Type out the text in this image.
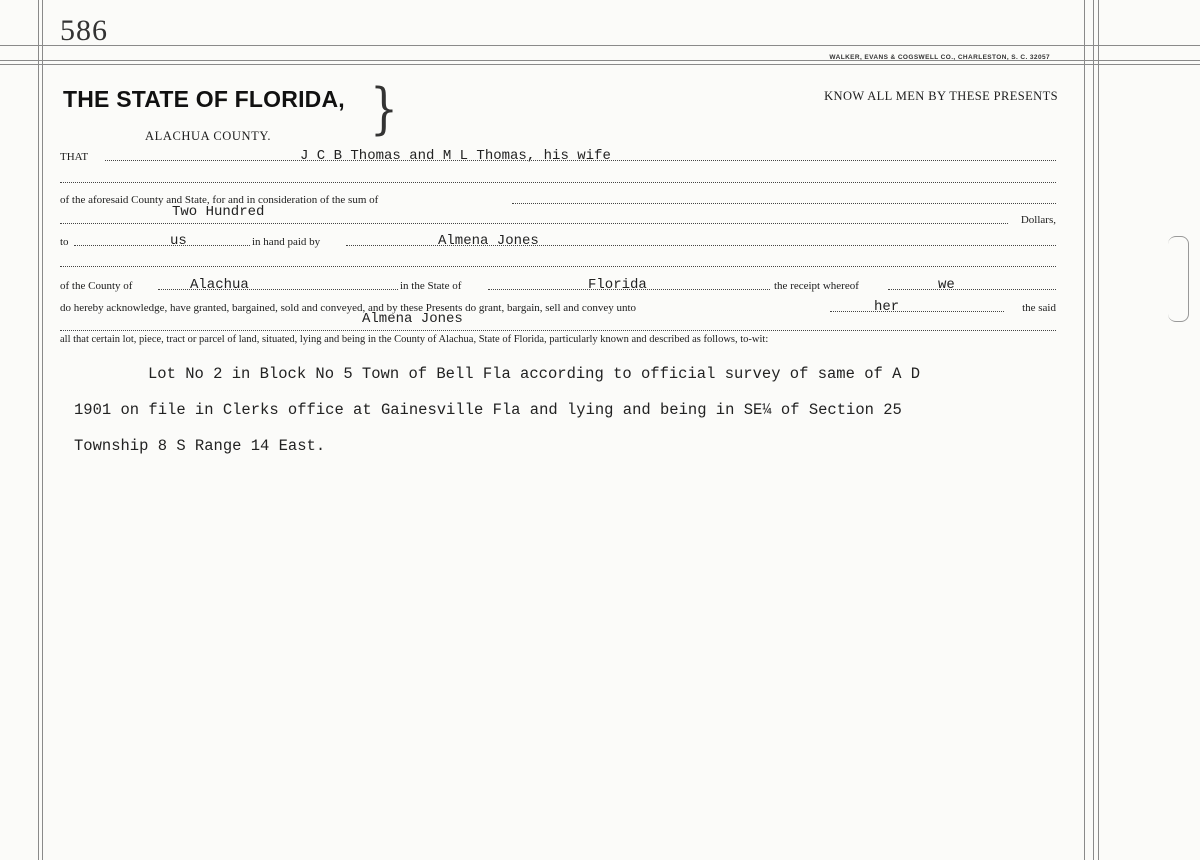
586
WALKER, EVANS & COGSWELL CO., CHARLESTON, S. C. 32057
THE STATE OF FLORIDA, }	KNOW ALL MEN BY THESE PRESENTS
ALACHUA COUNTY.
THAT	J C B Thomas and M L Thomas, his wife
of the aforesaid County and State, for and in consideration of the sum of
Two Hundred	Dollars,
to	us	in hand paid by	Almena Jones
of the County of	Alachua	in the State of	Florida	the receipt whereof	we
do hereby acknowledge, have granted, bargained, sold and conveyed, and by these Presents do grant, bargain, sell and convey unto	her	the said
Almena Jones
all that certain lot, piece, tract or parcel of land, situated, lying and being in the County of Alachua, State of Florida, particularly known and described as follows, to-wit:
Lot No 2 in Block No 5 Town of Bell Fla according to official survey of same of A D
1901 on file in Clerks office at Gainesville Fla and lying and being in SE¼ of Section 25
Township 8 S Range 14 East.
